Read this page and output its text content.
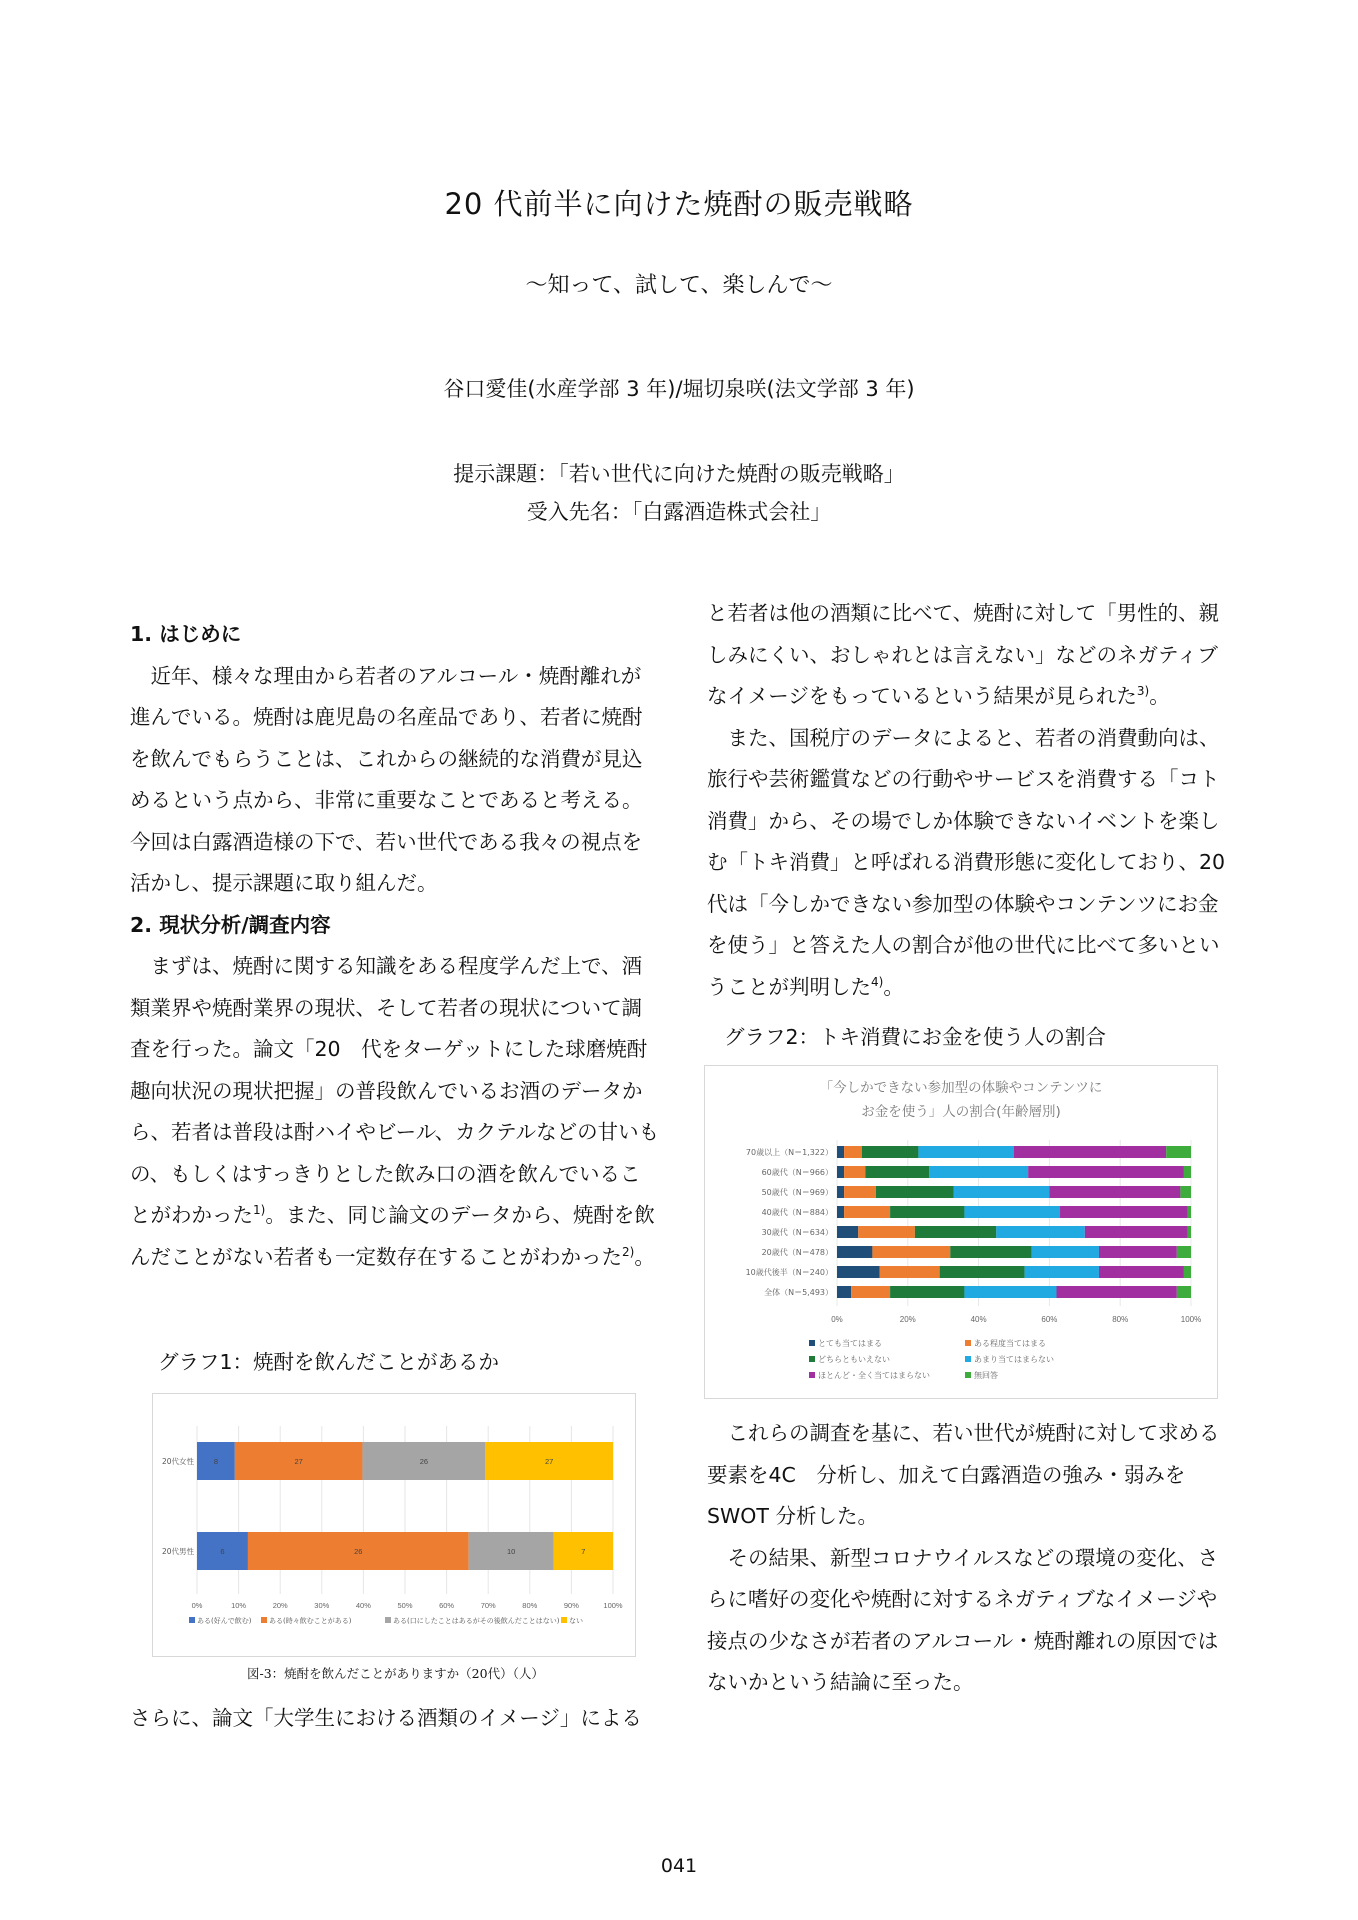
20 代前半に向けた焼酎の販売戦略
～知って、試して、楽しんで～
谷口愛佳(水産学部 3 年)/堀切泉咲(法文学部 3 年)
提示課題：「若い世代に向けた焼酎の販売戦略」
受入先名：「白露酒造株式会社」
1. はじめに

近年、様々な理由から若者のアルコール・焼酎離れが進んでいる。焼酎は鹿児島の名産品であり、若者に焼酎を飲んでもらうことは、これからの継続的な消費が見込めるという点から、非常に重要なことであると考える。今回は白露酒造様の下で、若い世代である我々の視点を活かし、提示課題に取り組んだ。

2. 現状分析/調査内容

まずは、焼酎に関する知識をある程度学んだ上で、酒類業界や焼酎業界の現状、そして若者の現状について調査を行った。論文「20　代をターゲットにした球磨焼酎趣向状況の現状把握」の普段飲んでいるお酒のデータから、若者は普段は酎ハイやビール、カクテルなどの甘いもの、もしくはすっきりとした飲み口の酒を飲んでいることがわかった$^{1)}$。また、同じ論文のデータから、焼酎を飲んだことがない若者も一定数存在することがわかった$^{2)}$。

グラフ1：焼酎を飲んだことがあるか
0%	10%	20%	30%	40%	50%	60%	70%	80%	90%	100%
20代女性	8	27	26	27
20代男性	6	26	10	7
ある(好んで飲む)	ある(時々飲むことがある)	ある(口にしたことはあるがその後飲んだことはない) ない
図-3：焼酎を飲んだことがありますか（20代）（人）

さらに、論文「大学生における酒類のイメージ」による

と若者は他の酒類に比べて、焼酎に対して「男性的、親しみにくい、おしゃれとは言えない」などのネガティブなイメージをもっているという結果が見られた$^{3)}$。

また、国税庁のデータによると、若者の消費動向は、旅行や芸術鑑賞などの行動やサービスを消費する「コト消費」から、その場でしか体験できないイベントを楽しむ「トキ消費」と呼ばれる消費形態に変化しており、20　代は「今しかできない参加型の体験やコンテンツにお金を使う」と答えた人の割合が他の世代に比べて多いということが判明した$^{4)}$。

グラフ2：トキ消費にお金を使う人の割合
「今しかできない参加型の体験やコンテンツに
お金を使う」人の割合(年齢層別)
0%	20%	40%	60%	80%	100%
70歳以上（N＝1,322）
60歳代（N＝966）
50歳代（N＝969）
40歳代（N＝884）
30歳代（N＝634）
20歳代（N＝478）
10歳代後半（N＝240）
全体（N＝5,493）
とても当てはまる	ある程度当てはまる
どちらともいえない	あまり当てはまらない
ほとんど・全く当てはまらない	無回答

これらの調査を基に、若い世代が焼酎に対して求める要素を4C　分析し、加えて白露酒造の強み・弱みを SWOT 分析した。

その結果、新型コロナウイルスなどの環境の変化、さらに嗜好の変化や焼酎に対するネガティブなイメージや接点の少なさが若者のアルコール・焼酎離れの原因ではないかという結論に至った。

041
